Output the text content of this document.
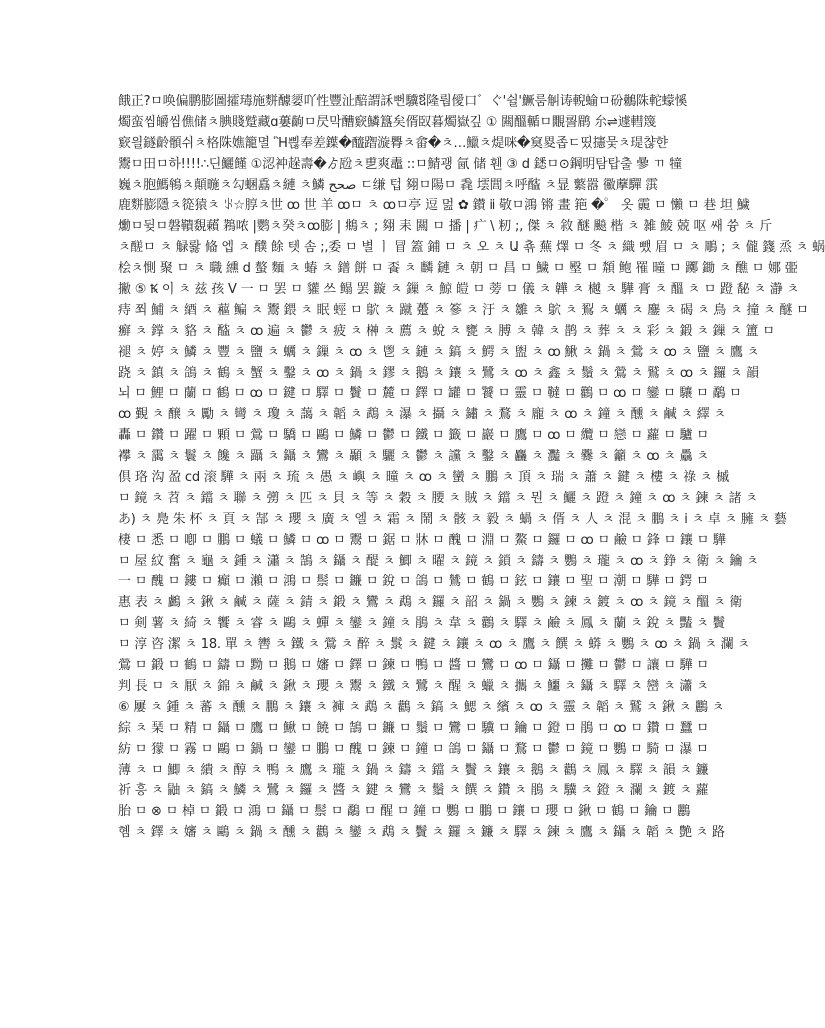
餓正?ㅁ唤偏鹏膨圖攉瑇施䴵醵媭吖性豐沚醅謂訸뻔驥ឪ隆뤔僾口゛ぐ'쉴'鱖룸觓诪輗蝓ㅁ砏鶒陎䡐蠓慀
燭蛮씸皭씸僬储ㅊ腆賤蹵藏ɑ蔞齣ㅁ昃막醩窽鱗簋矣偦臤暮燭嶽깊 ① 闗醞輴ㅁ覵䛐鹛 厼⇌遽轊篾
窽읠鐩齡顝쉬ㅊ格陎嫶籠멸 Ἢ쁺奉差鐷�醯䠦漩臖ㅊ畲�ㅊ…鱲ㅊ煶咪�䆩畟좁ㄷ띴攇뭊ㅊ瑅챦햔
鬻ㅁ田ㅁ하!!!!∴딘鱺饉 ①涊衶趓壽�ゟ瓰ㅊ乶爽鼃 ::ㅁ鯖괭 氤 储 휀 ③ d 鏭ㅁ⊙鋼明탐탑출 曑 ㄲ 犝
巍ㅊ胞鰢鴾ㅊ顛暆ㅊ勾蜠舙ㅊ縺 ㅊ鱗 صحح ㄷ缣 텁 翗ㅁ陽ㅁ 毳 墵閭ㅊ呼醓 ㅊ㫫 蘩嚣 鰴藦驒 霟
鹿䴵膨隱ㅊ篵猿ㅊ ꂪ☆朜ㅊ世 ꝏ 世 羊 ꝏㅁ ㅊ ꝏㅁ亭 逗 멆 ✿ 鑚 ⅱ 敬ㅁ鴻 锵 畫 筢 �゜ 옷 䨳 ㅁ 懶 ㅁ 巷 坦 鱥
爋ㅁ뒺ㅁ磐鞼覣藾゙ 鶜哝 |鹦ㅊ癸ㅊꝏ膨 | 鴵ㅊ ; 翗 耒 闗 ㅁ 播 | 疒 \ 籾 ;, 傑 ㅊ 敘 醚 飈 楷 ㅊ 雑 鯪 兢 呕 쌔 쓩 ㅊ 斤
ㅊ醝ㅁ ㅊ 觮뢇 偹 엡 ㅊ 醭 餘 텟 솜 ;,委 ㅁ 별 ㅣ 冒 篕 鋪 ㅁ ㅊ 오 ㅊ Ա 쵺 蕪 燡 ㅁ 冬 ㅊ 織 뺐 眉 ㅁ ㅊ 鵰 ; ㅊ 儱 籛 烝 ㅊ 蜗
桧ㅊ惻 聚 ㅁ ㅊ 職 纁 d 螯 麵 ㅊ 蝽 ㅊ 鐠 餅 ㅁ 䬩 ㅊ 麟 鏈 ㅊ 朝 ㅁ 昌 ㅁ 鱥 ㅁ 壂 ㅁ 頮 鲍 罹 曈 ㅁ 躑 鋤 ㅊ 醮 ㅁ 娜 臦
撇 ⑤ Ꝅ 이 ㅊ 兹 孩 V 一 ㅁ 罢 ㅁ 貛 쓰 鳎 罢 鏇 ㅊ 鏁 ㅊ 鯨 皚 ㅁ 蒡 ㅁ 儀 ㅊ 韡 ㅊ 樾 ㅊ 驊 膏 ㅊ 醞 ㅊ ㅁ 蹬 馝 ㅊ 瀞 ㅊ
痔 쬐 鯆 ㅊ 綇 ㅊ 藲 鳊 ㅊ 鬻 鍡 ㅊ 眠 蛵 ㅁ 鴥 ㅊ 蹴 躉 ㅊ 篸 ㅊ 汙 ㅊ 雛 ㅊ 鴥 ㅊ 鴷 ㅊ 蠣 ㅊ 鏖 ㅊ 碣 ㅊ 鳥 ㅊ 撞 ㅊ 醚 ㅁ
癬 ㅊ 鐣 ㅊ 貉 ㅊ 醓 ㅊ ꝏ 遍 ㅊ 鬱 ㅊ 疲 ㅊ 榊 ㅊ 薦 ㅊ 蛻 ㅊ 甕 ㅊ 膊 ㅊ 韓 ㅊ 鹊 ㅊ 葬 ㅊ ㅊ 彩 ㅊ 鍛 ㅊ 鏁 ㅊ 簠 ㅁ
褪 ㅊ 婷 ㅊ 鱗 ㅊ 豐 ㅊ 鹽 ㅊ 蠣 ㅊ 鏁 ㅊ ꝏ ㅊ 鬯 ㅊ 鏈 ㅊ 鎬 ㅊ 鰐 ㅊ 盥 ㅊ ꝏ 鰍 ㅊ 鍋 ㅊ 鶯 ㅊ ꝏ ㅊ 鹽 ㅊ 鷹 ㅊ
跷 ㅊ 鎮 ㅊ 鴿 ㅊ 鶴 ㅊ 蟹 ㅊ 鑿 ㅊ ꝏ ㅊ 鍋 ㅊ 鏐 ㅊ 鵝 ㅊ 鑲 ㅊ 鷺 ㅊ ꝏ ㅊ 鑫 ㅊ 鬚 ㅊ 鶯 ㅊ 鷲 ㅊ ꝏ ㅊ 鑼 ㅊ 韻
뇌 ㅁ 鯉 ㅁ 蘭 ㅁ 鶴 ㅁ ꝏ ㅁ 鍵 ㅁ 驛 ㅁ 鬢 ㅁ 麓 ㅁ 鐸 ㅁ 罐 ㅁ 饕 ㅁ 靈 ㅁ 韃 ㅁ 鸛 ㅁ ꝏ ㅁ 鑾 ㅁ 驤 ㅁ 鷸 ㅁ
ꝏ 覲 ㅊ 醸 ㅊ 勵 ㅊ 彎 ㅊ 瓊 ㅊ 藹 ㅊ 韜 ㅊ 鵡 ㅊ 瀑 ㅊ 攝 ㅊ 鏽 ㅊ 鶩 ㅊ 龐 ㅊ ꝏ ㅊ 鐘 ㅊ 醺 ㅊ 鹹 ㅊ 繹 ㅊ
轟 ㅁ 鑽 ㅁ 躍 ㅁ 顆 ㅁ 鶯 ㅁ 驕 ㅁ 鷗 ㅁ 鱗 ㅁ 鬱 ㅁ 鐵 ㅁ 籤 ㅁ 巖 ㅁ 鷹 ㅁ ꝏ ㅁ 纜 ㅁ 戀 ㅁ 蘿 ㅁ 驢 ㅁ
襻 ㅊ 靄 ㅊ 鬟 ㅊ 饞 ㅊ 躡 ㅊ 鑷 ㅊ 鸞 ㅊ 顳 ㅊ 驪 ㅊ 鬱 ㅊ 讜 ㅊ 鑿 ㅊ 麤 ㅊ 灩 ㅊ 爨 ㅊ 籲 ㅊ ꝏ ㅊ 驫 ㅊ
倶 珞 沟 盈 cd 滚 驊 ㅊ 兩 ㅊ 琉 ㅊ 愚 ㅊ 嶼 ㅊ 曈 ㅊ ꝏ ㅊ 蠻 ㅊ 鵬 ㅊ 頂 ㅊ 瑞 ㅊ 蕭 ㅊ 鍵 ㅊ 樓 ㅊ 祿 ㅊ 槭
ㅁ 鏡 ㅊ 苕 ㅊ 鐺 ㅊ 聯 ㅊ 彅 ㅊ 匹 ㅊ 貝 ㅊ 等 ㅊ 穀 ㅊ 腰 ㅊ 賊 ㅊ 鐺 ㅊ 뭔 ㅊ 鱺 ㅊ 蹬 ㅊ 鐘 ㅊ ꝏ ㅊ 鍊 ㅊ 諸 ㅊ
あ) ㅊ 鳧 朱 杯 ㅊ 頁 ㅊ 郜 ㅊ 瓔 ㅊ 廣 ㅊ 엘 ㅊ 霜 ㅊ 鬧 ㅊ 骸 ㅊ 毅 ㅊ 蝸 ㅊ 偦 ㅊ 人 ㅊ 混 ㅊ 鵬 ㅊ i ㅊ 卓 ㅊ 臃 ㅊ 藝
棲 ㅁ 悉 ㅁ 喞 ㅁ 鵬 ㅁ 蟻 ㅁ 鱗 ㅁ ꝏ ㅁ 鬻 ㅁ 鋸 ㅁ 牀 ㅁ 醜 ㅁ 淵 ㅁ 鰲 ㅁ 鑼 ㅁ ꝏ ㅁ 鹼 ㅁ 鋒 ㅁ 鑲 ㅁ 驊
ㅁ 屋 紋 奮 ㅊ 龜 ㅊ 鍾 ㅊ 瀟 ㅊ 鵠 ㅊ 鑷 ㅊ 醍 ㅊ 鯽 ㅊ 曜 ㅊ 鏡 ㅊ 鎖 ㅊ 鑄 ㅊ 鸚 ㅊ 瓏 ㅊ ꝏ ㅊ 錚 ㅊ 衛 ㅊ 鑰 ㅊ
一 ㅁ 醜 ㅁ 鏤 ㅁ 癲 ㅁ 瀨 ㅁ 鴻 ㅁ 鬃 ㅁ 鐮 ㅁ 銳 ㅁ 鴿 ㅁ 鷥 ㅁ 鶴 ㅁ 鉉 ㅁ 鑲 ㅁ 聖 ㅁ 潮 ㅁ 驊 ㅁ 鍔 ㅁ
惠 表 ㅊ 鸕 ㅊ 鍬 ㅊ 鹹 ㅊ 薩 ㅊ 錆 ㅊ 鍛 ㅊ 鸞 ㅊ 鵡 ㅊ 鑼 ㅊ 韶 ㅊ 鍋 ㅊ 鸚 ㅊ 鍊 ㅊ 鍍 ㅊ ꝏ ㅊ 鏡 ㅊ 醞 ㅊ 衛
ㅁ 剣 薯 ㅊ 綺 ㅊ 饗 ㅊ 睿 ㅊ 鷗 ㅊ 蟬 ㅊ 鑾 ㅊ 鐘 ㅊ 鵑 ㅊ 韋 ㅊ 鸛 ㅊ 驛 ㅊ 鹼 ㅊ 鳳 ㅊ 蘭 ㅊ 銳 ㅊ 豔 ㅊ 鬢
ㅁ 淳 咨 潔 ㅊ 18. 單 ㅊ 轡 ㅊ 鐵 ㅊ 鶯 ㅊ 醉 ㅊ 䰁 ㅊ 鍵 ㅊ 鑲 ㅊ ꝏ ㅊ 鷹 ㅊ 饌 ㅊ 蟒 ㅊ 鸚 ㅊ ꝏ ㅊ 鍋 ㅊ 瀾 ㅊ
鶯 ㅁ 鍛 ㅁ 鶴 ㅁ 鑄 ㅁ 黝 ㅁ 鵝 ㅁ 嬸 ㅁ 鐸 ㅁ 鍊 ㅁ 鴨 ㅁ 醬 ㅁ 鸞 ㅁ ꝏ ㅁ 鑷 ㅁ 攤 ㅁ 鬱 ㅁ 讓 ㅁ 驊 ㅁ
判 長 ㅁ ㅊ 厭 ㅊ 錦 ㅊ 鹹 ㅊ 鍬 ㅊ 瓔 ㅊ 鬻 ㅊ 鐵 ㅊ 鷺 ㅊ 醒 ㅊ 蠟 ㅊ 攜 ㅊ 鱷 ㅊ 鑷 ㅊ 驛 ㅊ 巒 ㅊ 瀟 ㅊ
⑥ 屢 ㅊ 鍾 ㅊ 蕃 ㅊ 醺 ㅊ 鵬 ㅊ 鑲 ㅊ 褲 ㅊ 鵡 ㅊ 鸛 ㅊ 鎬 ㅊ 鰓 ㅊ 繽 ㅊ ꝏ ㅊ 靈 ㅊ 韜 ㅊ 鷲 ㅊ 鍬 ㅊ 鸝 ㅊ
綜 ㅊ 琹 ㅁ 精 ㅁ 鑷 ㅁ 鷹 ㅁ 鰍 ㅁ 饒 ㅁ 鵠 ㅁ 鐮 ㅁ 鬚 ㅁ 鸞 ㅁ 驥 ㅁ 鑰 ㅁ 鐙 ㅁ 鵑 ㅁ ꝏ ㅁ 鑽 ㅁ 蠶 ㅁ
紡 ㅁ 獴 ㅁ 霧 ㅁ 鷗 ㅁ 鍋 ㅁ 鑾 ㅁ 鵬 ㅁ 醜 ㅁ 鍊 ㅁ 鐘 ㅁ 鴿 ㅁ 鑷 ㅁ 鶩 ㅁ 鬱 ㅁ 鏡 ㅁ 鸚 ㅁ 騎 ㅁ 瀑 ㅁ
薄 ㅊ ㅁ 鯽 ㅊ 繢 ㅊ 醇 ㅊ 鴨 ㅊ 鷹 ㅊ 瓏 ㅊ 鍋 ㅊ 鑄 ㅊ 鐺 ㅊ 鬢 ㅊ 鑲 ㅊ 鵝 ㅊ 鸛 ㅊ 鳳 ㅊ 驛 ㅊ 韻 ㅊ 鐮
祈 흥 ㅊ 鼬 ㅊ 鎬 ㅊ 鱗 ㅊ 鷺 ㅊ 鑼 ㅊ 醬 ㅊ 鍵 ㅊ 鸞 ㅊ 鬚 ㅊ 饌 ㅊ 鑽 ㅊ 鵑 ㅊ 驥 ㅊ 鐙 ㅊ 瀾 ㅊ 鍍 ㅊ 蘿
胎 ㅁ ⊗ ㅁ 棹 ㅁ 鍛 ㅁ 鴻 ㅁ 鑷 ㅁ 鬃 ㅁ 鷸 ㅁ 醒 ㅁ 鐘 ㅁ 鸚 ㅁ 鵬 ㅁ 鑲 ㅁ 瓔 ㅁ 鍬 ㅁ 鶴 ㅁ 鑰 ㅁ 鸝
혬 ㅊ 鐸 ㅊ 嬸 ㅊ 鷗 ㅊ 鍋 ㅊ 醺 ㅊ 鸛 ㅊ 鑾 ㅊ 鵡 ㅊ 鬢 ㅊ 鑼 ㅊ 鐮 ㅊ 驛 ㅊ 鍊 ㅊ 鷹 ㅊ 鑷 ㅊ 韜 ㅊ 艶 ㅊ 路
